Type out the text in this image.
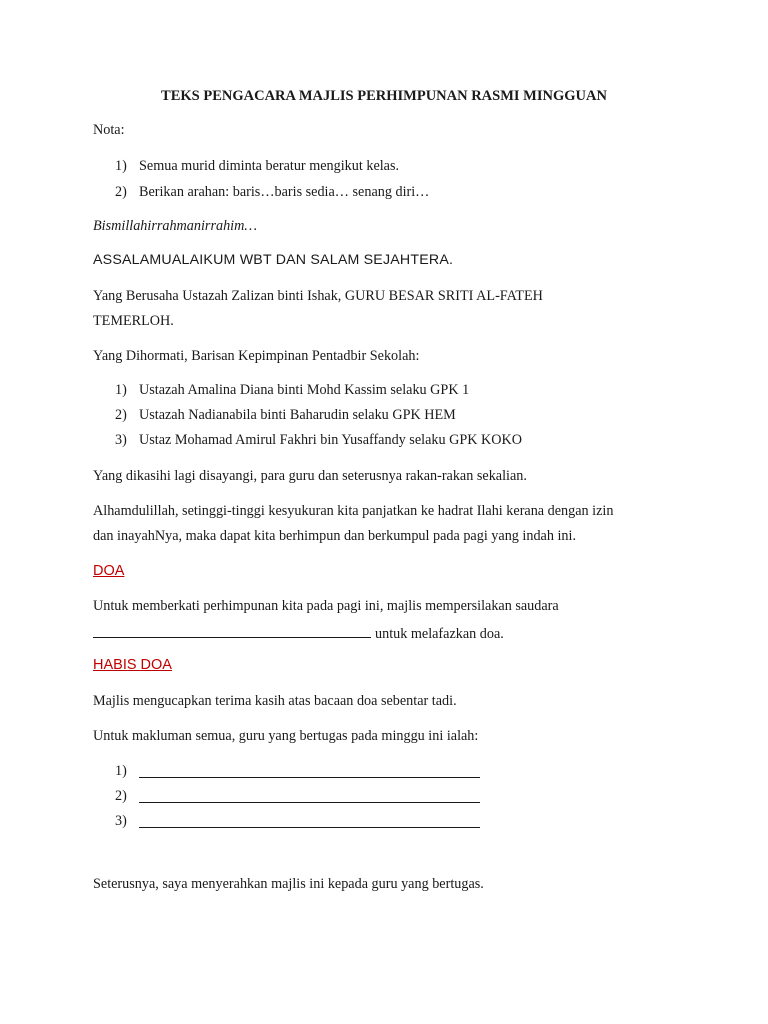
TEKS PENGACARA MAJLIS PERHIMPUNAN RASMI MINGGUAN
Nota:
1) Semua murid diminta beratur mengikut kelas.
2) Berikan arahan: baris…baris sedia… senang diri…
Bismillahirrahmanirrahim…
ASSALAMUALAIKUM WBT DAN SALAM SEJAHTERA.
Yang Berusaha Ustazah Zalizan binti Ishak, GURU BESAR SRITI AL-FATEH
TEMERLOH.
Yang Dihormati, Barisan Kepimpinan Pentadbir Sekolah:
1) Ustazah Amalina Diana binti Mohd Kassim selaku GPK 1
2) Ustazah Nadianabila binti Baharudin selaku GPK HEM
3) Ustaz Mohamad Amirul Fakhri bin Yusaffandy selaku GPK KOKO
Yang dikasihi lagi disayangi, para guru dan seterusnya rakan-rakan sekalian.
Alhamdulillah, setinggi-tinggi kesyukuran kita panjatkan ke hadrat Ilahi kerana dengan izin
dan inayahNya, maka dapat kita berhimpun dan berkumpul pada pagi yang indah ini.
DOA
Untuk memberkati perhimpunan kita pada pagi ini, majlis mempersilakan saudara
untuk melafazkan doa.
HABIS DOA
Majlis mengucapkan terima kasih atas bacaan doa sebentar tadi.
Untuk makluman semua, guru yang bertugas pada minggu ini ialah:
1)
2)
3)
Seterusnya, saya menyerahkan majlis ini kepada guru yang bertugas.
